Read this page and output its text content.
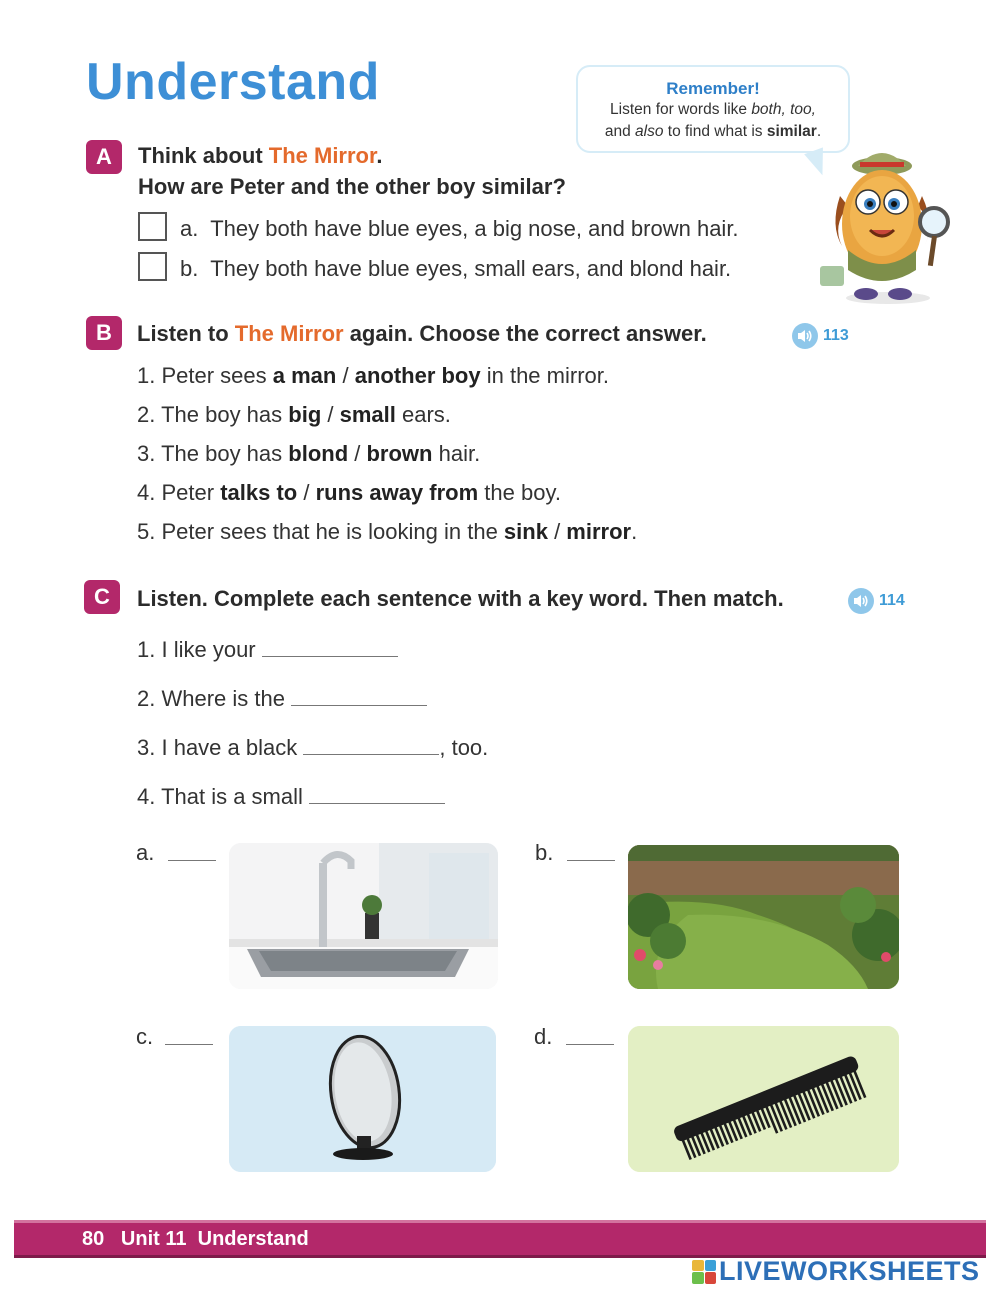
Understand	Remember!
Listen for words like both, too,
and also to find what is similar.
A	Think about The Mirror.
How are Peter and the other boy similar?
a. They both have blue eyes, a big nose, and brown hair.
b. They both have blue eyes, small ears, and blond hair.
B	Listen to The Mirror again. Choose the correct answer.	113
1. Peter sees a man / another boy in the mirror.
2. The boy has big / small ears.
3. The boy has blond / brown hair.
4. Peter talks to / runs away from the boy.
5. Peter sees that he is looking in the sink / mirror.
C	Listen. Complete each sentence with a key word. Then match.	114
1. I like your
2. Where is the
3. I have a black	, too.
4. That is a small
a.	b.
c.	d.
80 Unit 11 Understand
LIVEWORKSHEETS
